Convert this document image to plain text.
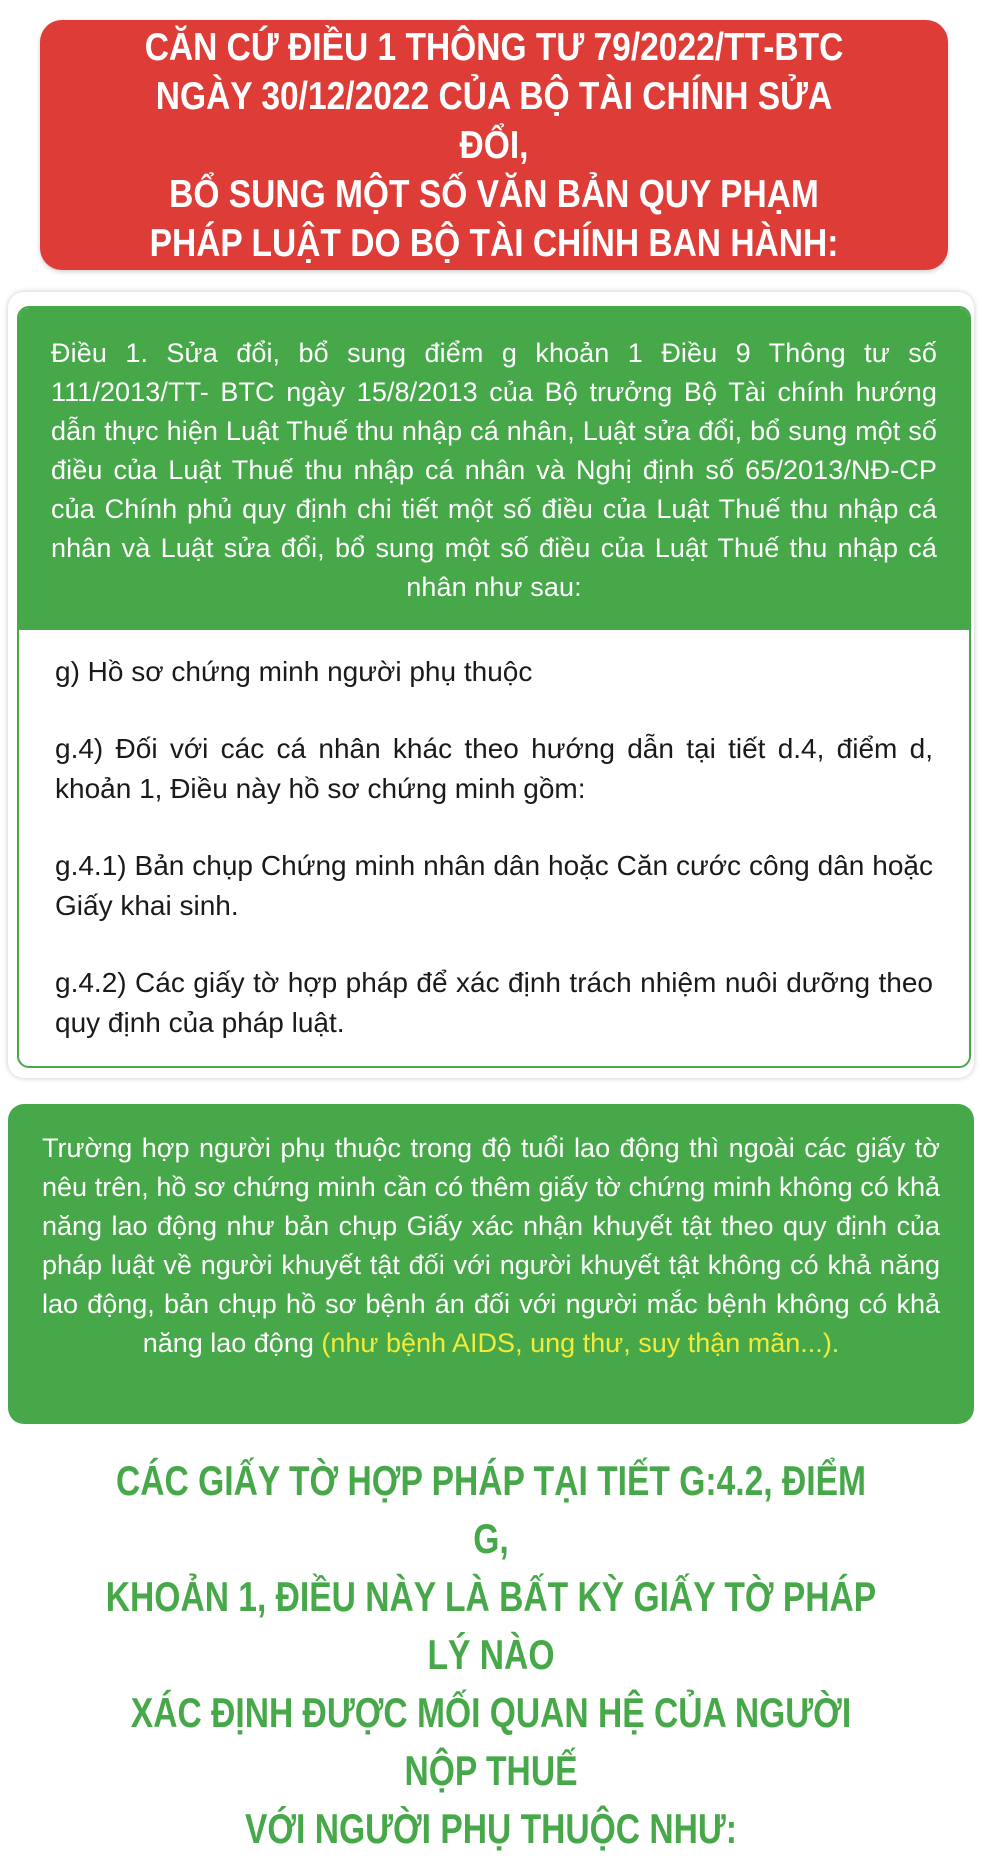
CĂN CỨ ĐIỀU 1 THÔNG TƯ 79/2022/TT-BTC
NGÀY 30/12/2022 CỦA BỘ TÀI CHÍNH SỬA ĐỔI,
BỔ SUNG MỘT SỐ VĂN BẢN QUY PHẠM
PHÁP LUẬT DO BỘ TÀI CHÍNH BAN HÀNH:
Điều 1. Sửa đổi, bổ sung điểm g khoản 1 Điều 9 Thông tư số 111/2013/TT- BTC ngày 15/8/2013 của Bộ trưởng Bộ Tài chính hướng dẫn thực hiện Luật Thuế thu nhập cá nhân, Luật sửa đổi, bổ sung một số điều của Luật Thuế thu nhập cá nhân và Nghị định số 65/2013/NĐ-CP của Chính phủ quy định chi tiết một số điều của Luật Thuế thu nhập cá nhân và Luật sửa đổi, bổ sung một số điều của Luật Thuế thu nhập cá nhân như sau:

g) Hồ sơ chứng minh người phụ thuộc

g.4) Đối với các cá nhân khác theo hướng dẫn tại tiết d.4, điểm d, khoản 1, Điều này hồ sơ chứng minh gồm:

g.4.1) Bản chụp Chứng minh nhân dân hoặc Căn cước công dân hoặc Giấy khai sinh.

g.4.2) Các giấy tờ hợp pháp để xác định trách nhiệm nuôi dưỡng theo quy định của pháp luật.

Trường hợp người phụ thuộc trong độ tuổi lao động thì ngoài các giấy tờ nêu trên, hồ sơ chứng minh cần có thêm giấy tờ chứng minh không có khả năng lao động như bản chụp Giấy xác nhận khuyết tật theo quy định của pháp luật về người khuyết tật đối với người khuyết tật không có khả năng lao động, bản chụp hồ sơ bệnh án đối với người mắc bệnh không có khả năng lao động (như bệnh AIDS, ung thư, suy thận mãn...).
CÁC GIẤY TỜ HỢP PHÁP TẠI TIẾT G:4.2, ĐIỂM G,
KHOẢN 1, ĐIỀU NÀY LÀ BẤT KỲ GIẤY TỜ PHÁP LÝ NÀO
XÁC ĐỊNH ĐƯỢC MỐI QUAN HỆ CỦA NGƯỜI NỘP THUẾ
VỚI NGƯỜI PHỤ THUỘC NHƯ:
